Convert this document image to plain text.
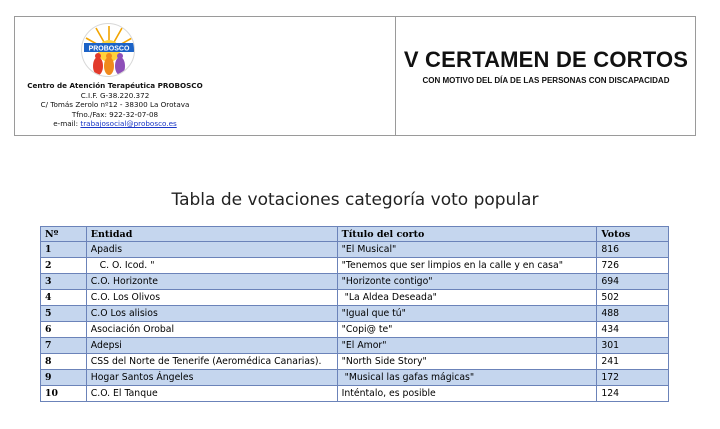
PROBOSCO
Centro de Atención Terapéutica PROBOSCO
C.I.F. G-38.220.372
C/ Tomás Zerolo nº12 - 38300 La Orotava
Tfno./Fax: 922-32-07-08
e-mail: trabajosocial@probosco.es
V CERTAMEN DE CORTOS
CON MOTIVO DEL DÍA DE LAS PERSONAS CON DISCAPACIDAD
Tabla de votaciones categoría voto popular
Nº	Entidad	Título del corto	Votos
1	Apadis	"El Musical"	816
2	C. O. Icod. "	"Tenemos que ser limpios en la calle y en casa"	726
3	C.O. Horizonte	"Horizonte contigo"	694
4	C.O. Los Olivos	"La Aldea Deseada"	502
5	C.O Los alisios	"Igual que tú"	488
6	Asociación Orobal	"Copi@ te"	434
7	Adepsi	"El Amor"	301
8	CSS del Norte de Tenerife (Aeromédica Canarias).	"North Side Story"	241
9	Hogar Santos Ángeles	"Musical las gafas mágicas"	172
10	C.O. El Tanque	Inténtalo, es posible	124
